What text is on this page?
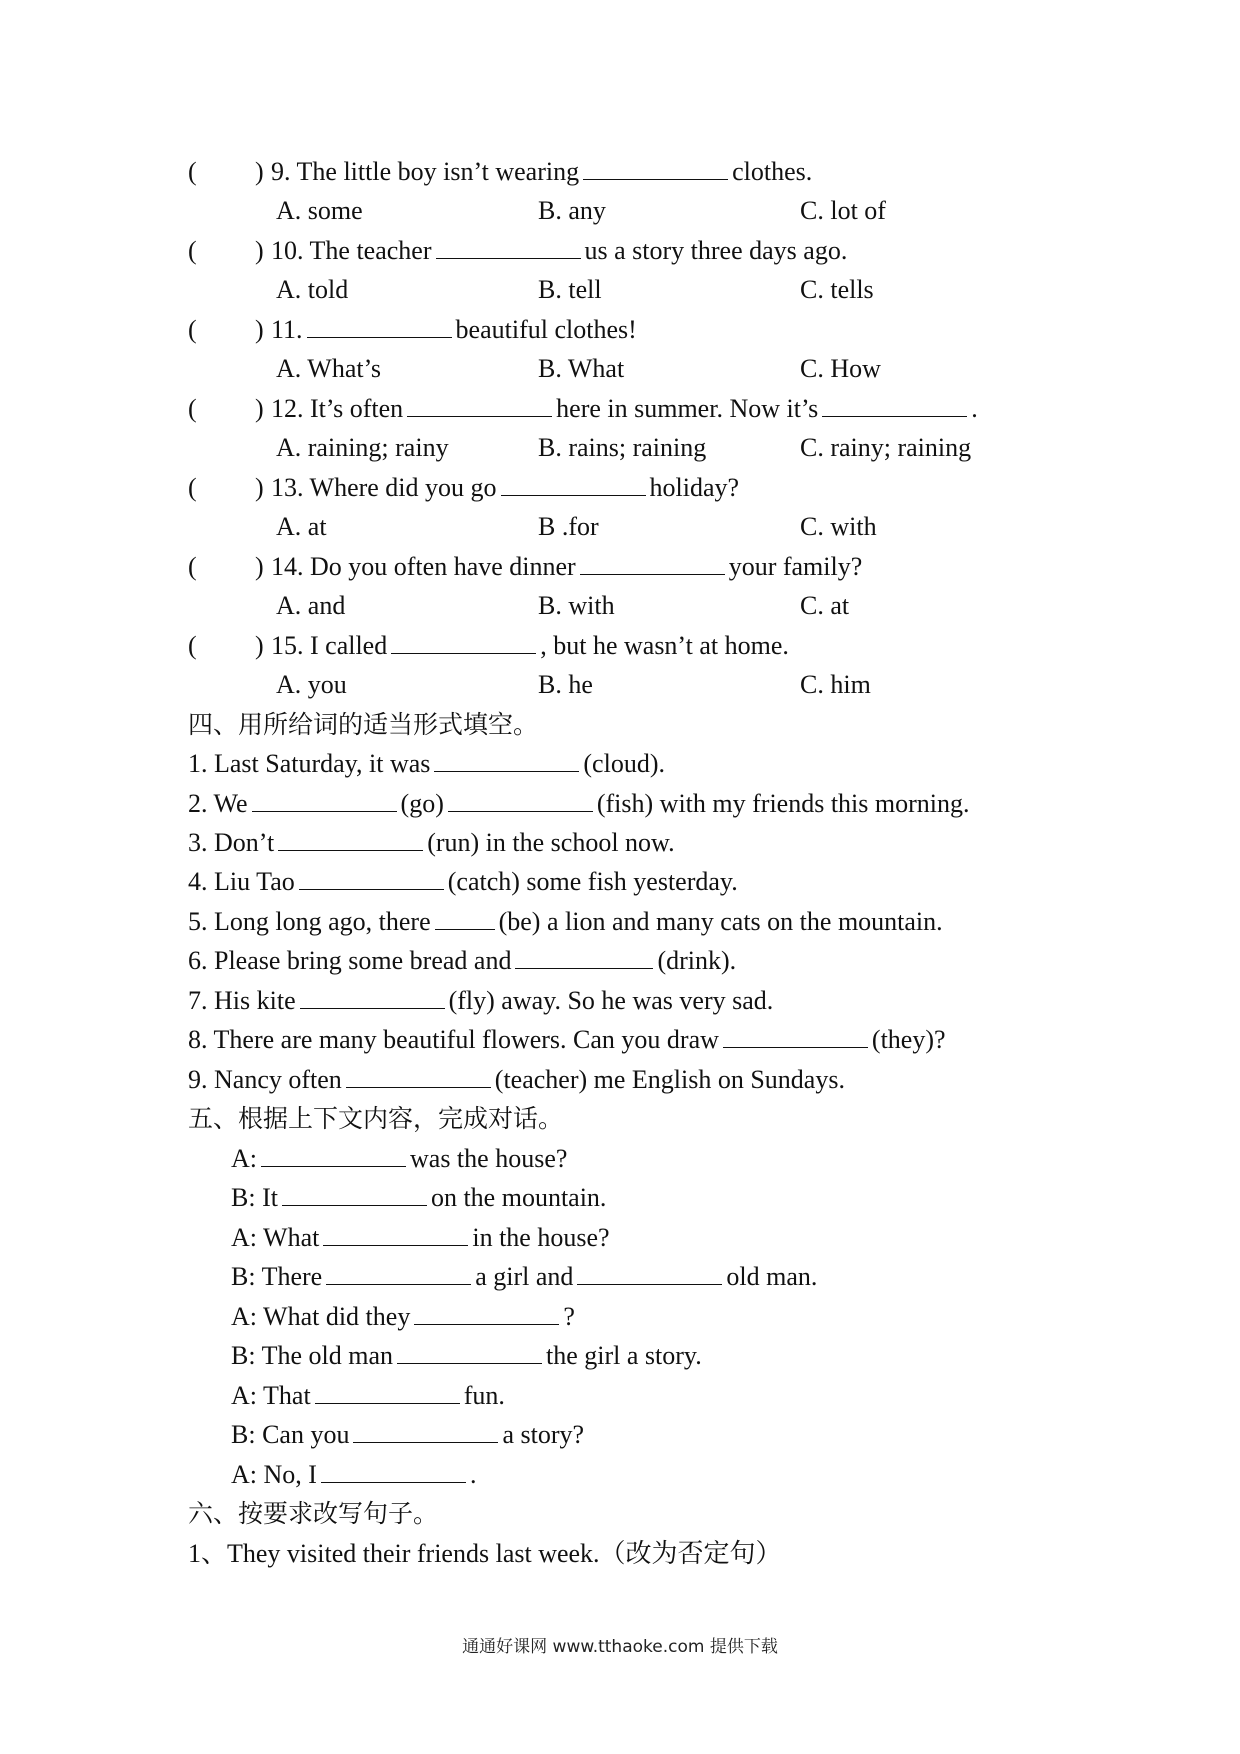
( ) 9. The little boy isn’t wearing	clothes.
A. some	B. any	C. lot of
( ) 10. The teacher	us a story three days ago.
A. told	B. tell	C. tells
( ) 11.	beautiful clothes!
A. What’s	B. What	C. How
( ) 12. It’s often	here in summer. Now it’s	.
A. raining; rainy	B. rains; raining	C. rainy; raining
( ) 13. Where did you go	holiday?
A. at	B .for	C. with
( ) 14. Do you often have dinner	your family?
A. and	B. with	C. at
( ) 15. I called	, but he wasn’t at home.
A. you	B. he	C. him
四、用所给词的适当形式填空。
1. Last Saturday, it was	(cloud).
2. We	(go)	(fish) with my friends this morning.
3. Don’t	(run) in the school now.
4. Liu Tao	(catch) some fish yesterday.
5. Long long ago, there	(be) a lion and many cats on the mountain.
6. Please bring some bread and	(drink).
7. His kite	(fly) away. So he was very sad.
8. There are many beautiful flowers. Can you draw	(they)?
9. Nancy often	(teacher) me English on Sundays.
五、根据上下文内容，完成对话。
A:	was the house?
B: It	on the mountain.
A: What	in the house?
B: There	a girl and	old man.
A: What did they	?
B: The old man	the girl a story.
A: That	fun.
B: Can you	a story?
A: No, I	.
六、按要求改写句子。
1、They visited their friends last week.（改为否定句）
通通好课网 www.tthaoke.com 提供下载
